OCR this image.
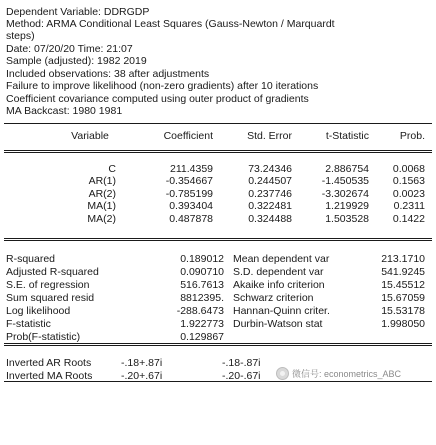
Dependent Variable: DDRGDP
Method: ARMA Conditional Least Squares (Gauss-Newton / Marquardt
steps)
Date: 07/20/20 Time: 21:07
Sample (adjusted): 1982 2019
Included observations: 38 after adjustments
Failure to improve likelihood (non-zero gradients) after 10 iterations
Coefficient covariance computed using outer product of gradients
MA Backcast: 1980 1981
Variable	Coefficient	Std. Error	t-Statistic	Prob.
C	211.4359	73.24346	2.886754	0.0068
AR(1)	-0.354667	0.244507	-1.450535	0.1563
AR(2)	-0.785199	0.237746	-3.302674	0.0023
MA(1)	0.393404	0.322481	1.219929	0.2311
MA(2)	0.487878	0.324488	1.503528	0.1422
R-squared	0.189012 Mean dependent var	213.1710
Adjusted R-squared	0.090710 S.D. dependent var	541.9245
S.E. of regression	516.7613 Akaike info criterion	15.45512
Sum squared resid	8812395. Schwarz criterion	15.67059
Log likelihood	-288.6473 Hannan-Quinn criter.	15.53178
F-statistic	1.922773 Durbin-Watson stat	1.998050
Prob(F-statistic)	0.129867
Inverted AR Roots	-.18+.87i	-.18-.87i
Inverted MA Roots	-.20+.67i	-.20-.67i	微信号: econometrics_ABC
